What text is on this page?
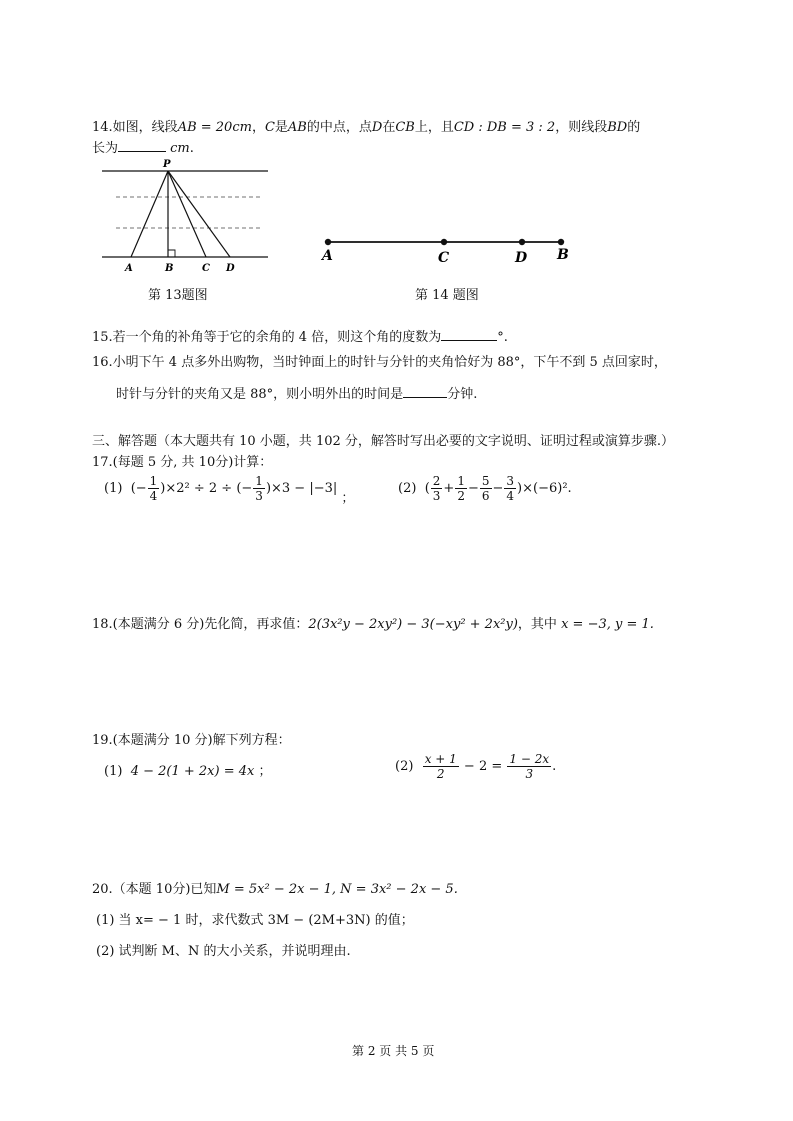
14.如图，线段AB = 20cm，C是AB的中点，点D在CB上，且CD : DB = 3 : 2，则线段BD的
长为	cm.
P
A	B	C D
第 13题图
A	C	D B
第 14 题图
15.若一个角的补角等于它的余角的 4 倍，则这个角的度数为	°.
16.小明下午 4 点多外出购物，当时钟面上的时针与分针的夹角恰好为 88°，下午不到 5 点回家时，
时针与分针的夹角又是 88°，则小明外出的时间是	分钟.
三、解答题（本大题共有 10 小题，共 102 分，解答时写出必要的文字说明、证明过程或演算步骤.）
17.(每题 5 分, 共 10分)计算：
(1) (− $\frac{1}{4} )\times 2^2 \div 2$ ÷ (− $\frac{1}{3} )\times 3 - |-3|$ ；
(2) ( $\frac{2}{3} + \frac{1}{2} - \frac{5}{6} - \frac{3}{4} )\times(-6)^2$.
18.(本题满分 6 分)先化简，再求值：2(3x²y − 2xy²) − 3(−xy² + 2x²y)，其中 x = −3, y = 1.
19.(本题满分 10 分)解下列方程：
(1) 4 − 2(1 + 2x) = 4x ；	$(2) \frac{x + 1}{2} - 2 = \frac{1 - 2x}{3}$ .
20.（本题 10分)已知M = 5x² − 2x − 1, N = 3x² − 2x − 5.
(1) 当 x= − 1 时，求代数式 3M − (2M+3N) 的值；
(2) 试判断 M、N 的大小关系，并说明理由.
第 2 页 共 5 页
